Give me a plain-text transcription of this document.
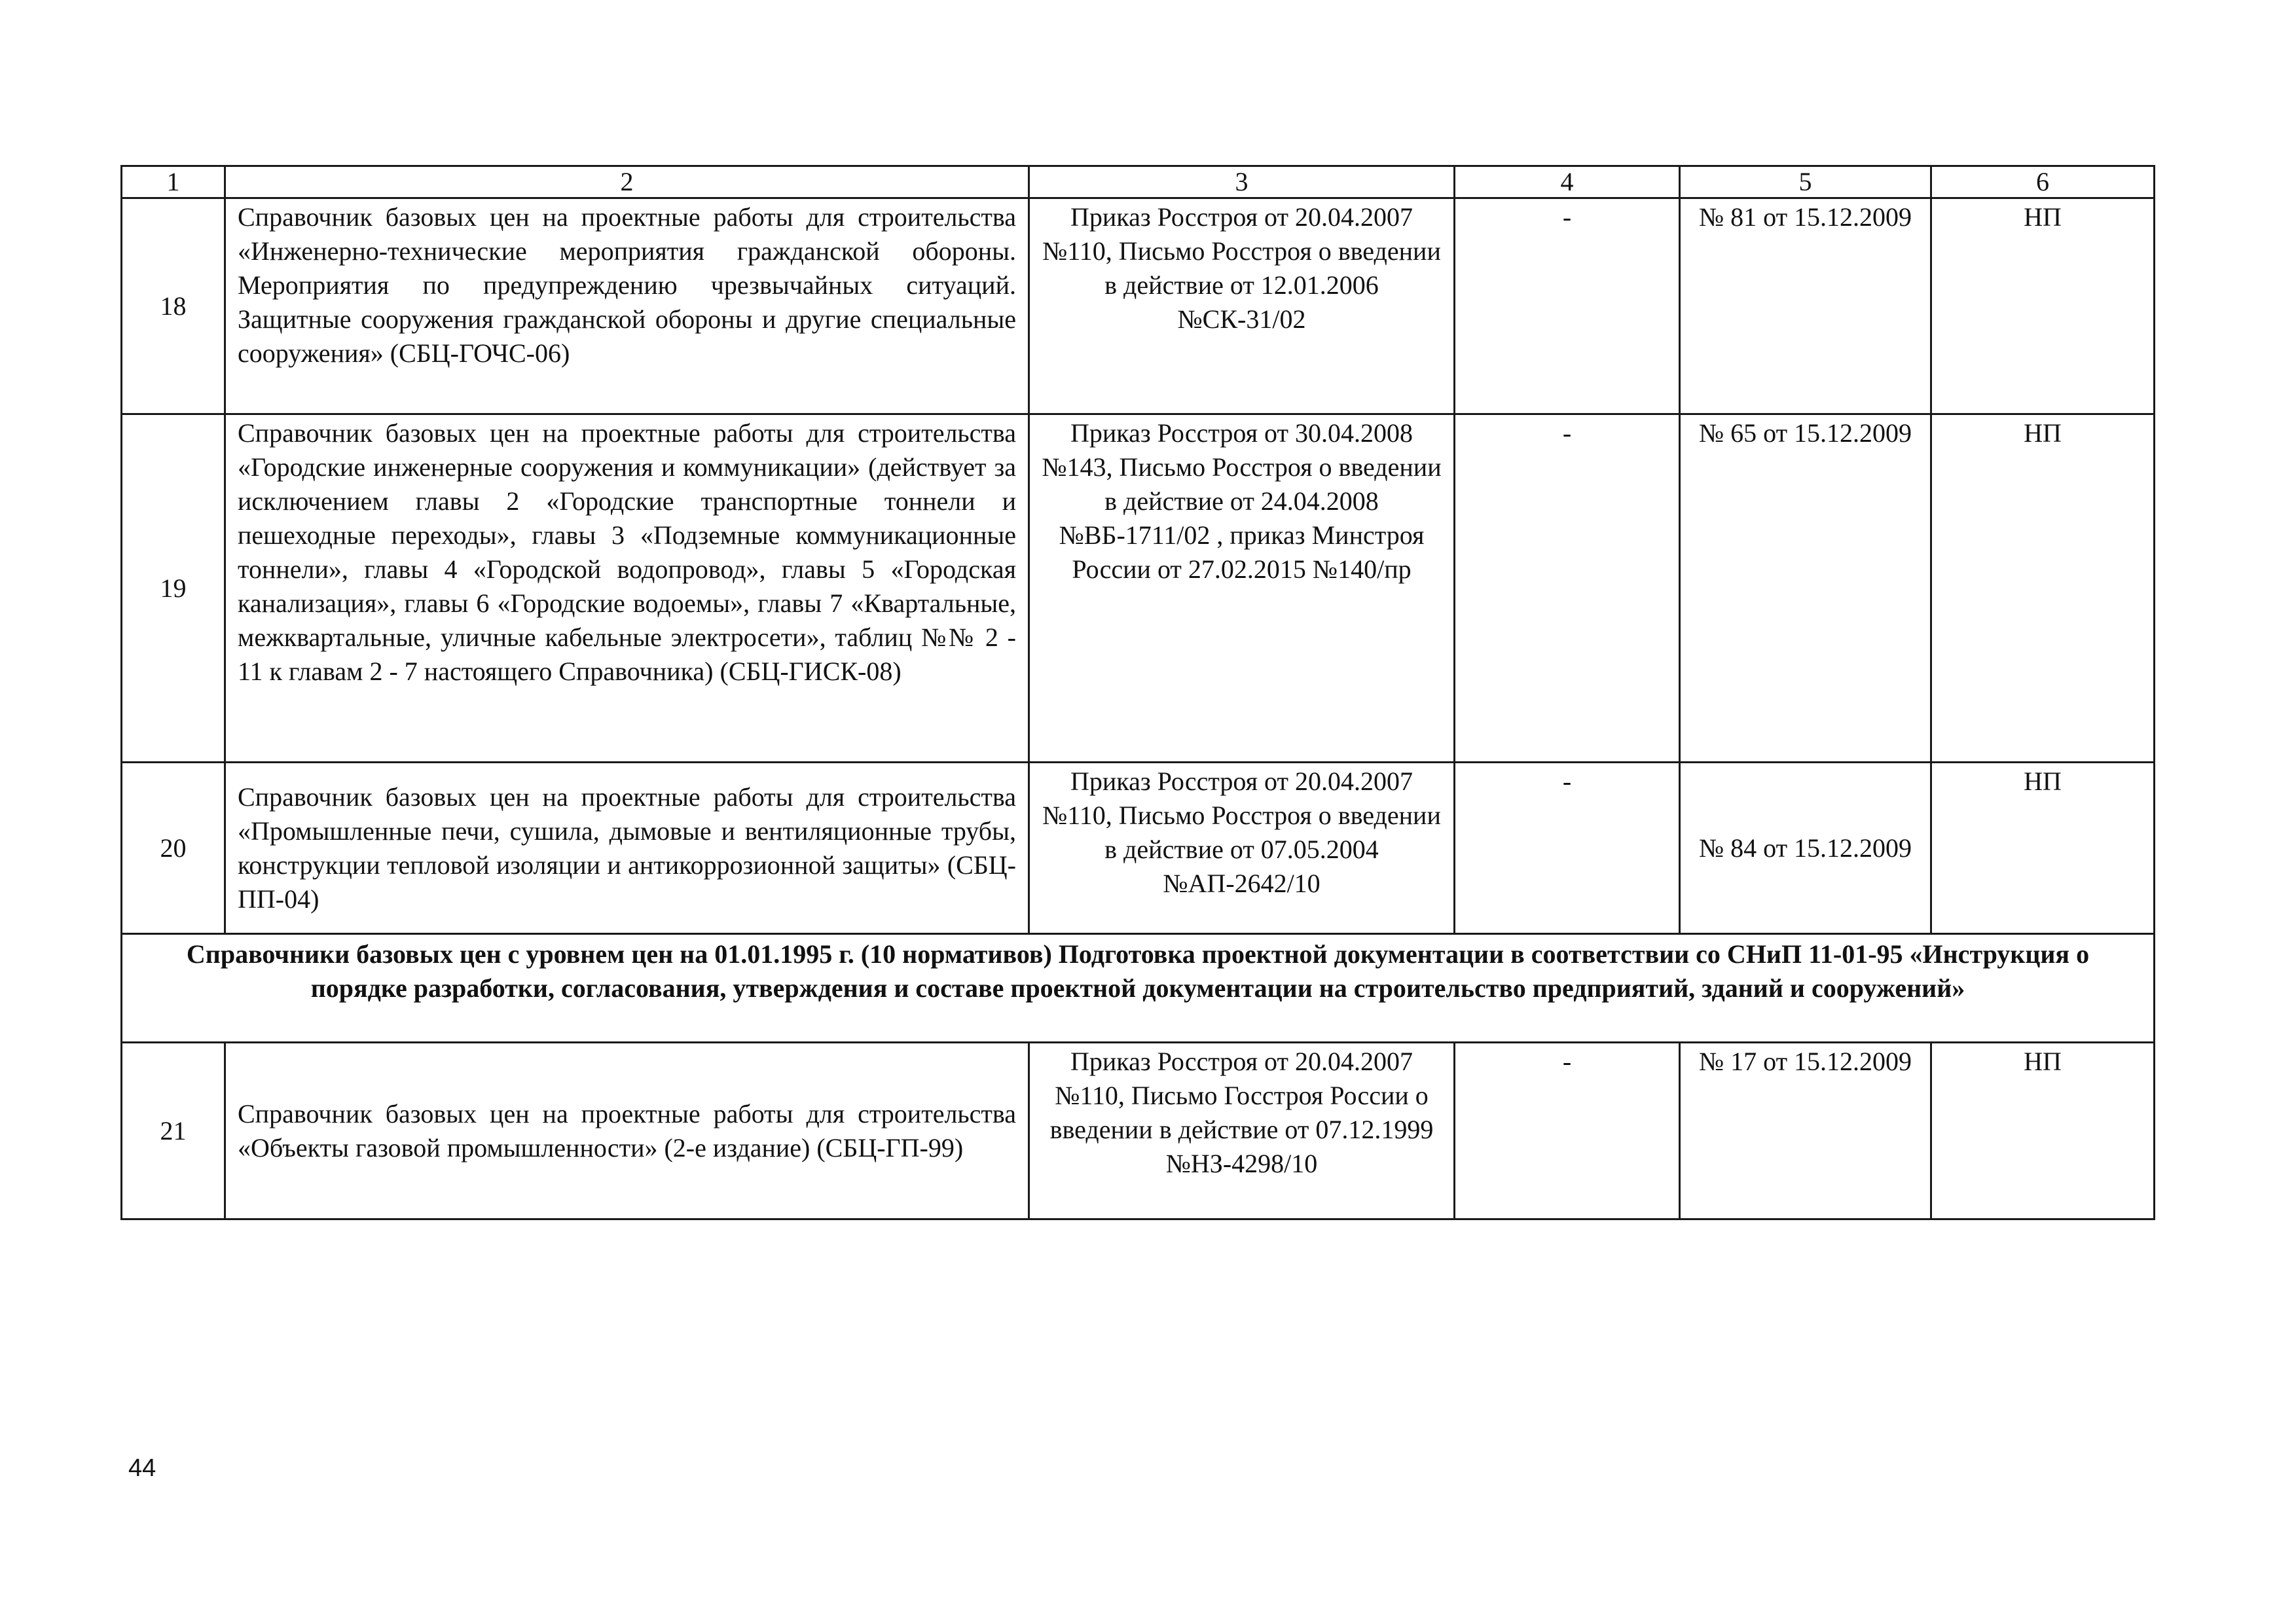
1	2	3	4	5	6
18	Справочник базовых цен на проектные работы для строительства «Инженерно-технические мероприятия гражданской обороны. Мероприятия по предупреждению чрезвычайных ситуаций. Защитные сооружения гражданской обороны и другие специальные сооружения» (СБЦ-ГОЧС-06)	Приказ Росстроя от 20.04.2007 №110, Письмо Росстроя о введении в действие от 12.01.2006 №СК-31/02	-	№ 81 от 15.12.2009	НП
19	Справочник базовых цен на проектные работы для строительства «Городские инженерные сооружения и коммуникации» (действует за исключением главы 2 «Городские транспортные тоннели и пешеходные переходы», главы 3 «Подземные коммуникационные тоннели», главы 4 «Городской водопровод», главы 5 «Городская канализация», главы 6 «Городские водоемы», главы 7 «Квартальные, межквартальные, уличные кабельные электросети», таблиц №№ 2 - 11 к главам 2 - 7 настоящего Справочника) (СБЦ-ГИСК-08)	Приказ Росстроя от 30.04.2008 №143, Письмо Росстроя о введении в действие от 24.04.2008 №ВБ-1711/02 , приказ Минстроя России от 27.02.2015 №140/пр	-	№ 65 от 15.12.2009	НП
20	Справочник базовых цен на проектные работы для строительства «Промышленные печи, сушила, дымовые и вентиляционные трубы, конструкции тепловой изоляции и антикоррозионной защиты» (СБЦ-ПП-04)	Приказ Росстроя от 20.04.2007 №110, Письмо Росстроя о введении в действие от 07.05.2004 №АП-2642/10	-	№ 84 от 15.12.2009	НП
Справочники базовых цен с уровнем цен на 01.01.1995 г. (10 нормативов) Подготовка проектной документации в соответствии со СНиП 11-01-95 «Инструкция о порядке разработки, согласования, утверждения и составе проектной документации на строительство предприятий, зданий и сооружений»					
21	Справочник базовых цен на проектные работы для строительства «Объекты газовой промышленности» (2-е издание) (СБЦ-ГП-99)	Приказ Росстроя от 20.04.2007 №110, Письмо Госстроя России о введении в действие от 07.12.1999 №НЗ-4298/10	-	№ 17 от 15.12.2009	НП
44
